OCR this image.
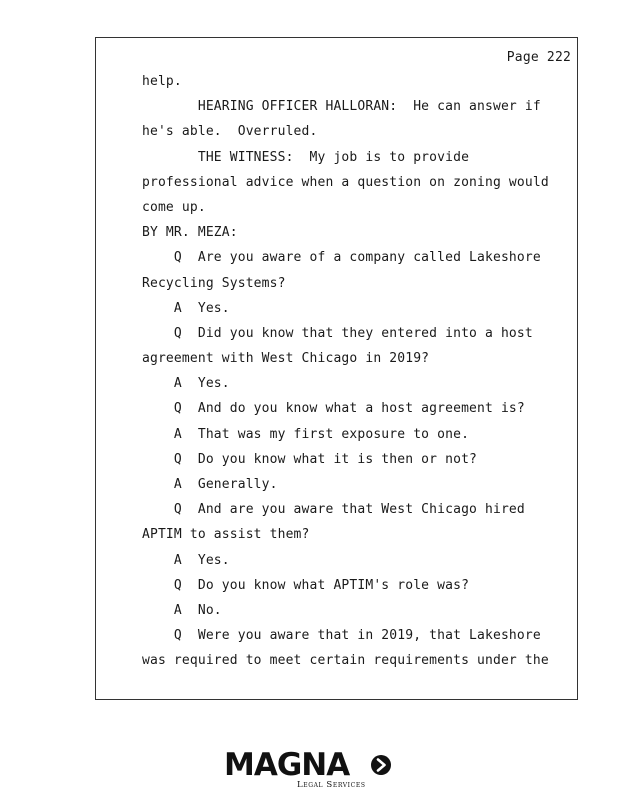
Page 222
help.
HEARING OFFICER HALLORAN:  He can answer if
he's able.  Overruled.
THE WITNESS:  My job is to provide
professional advice when a question on zoning would
come up.
BY MR. MEZA:
Q  Are you aware of a company called Lakeshore
Recycling Systems?
A  Yes.
Q  Did you know that they entered into a host
agreement with West Chicago in 2019?
A  Yes.
Q  And do you know what a host agreement is?
A  That was my first exposure to one.
Q  Do you know what it is then or not?
A  Generally.
Q  And are you aware that West Chicago hired
APTIM to assist them?
A  Yes.
Q  Do you know what APTIM's role was?
A  No.
Q  Were you aware that in 2019, that Lakeshore
was required to meet certain requirements under the
MAGNA
Legal Services
